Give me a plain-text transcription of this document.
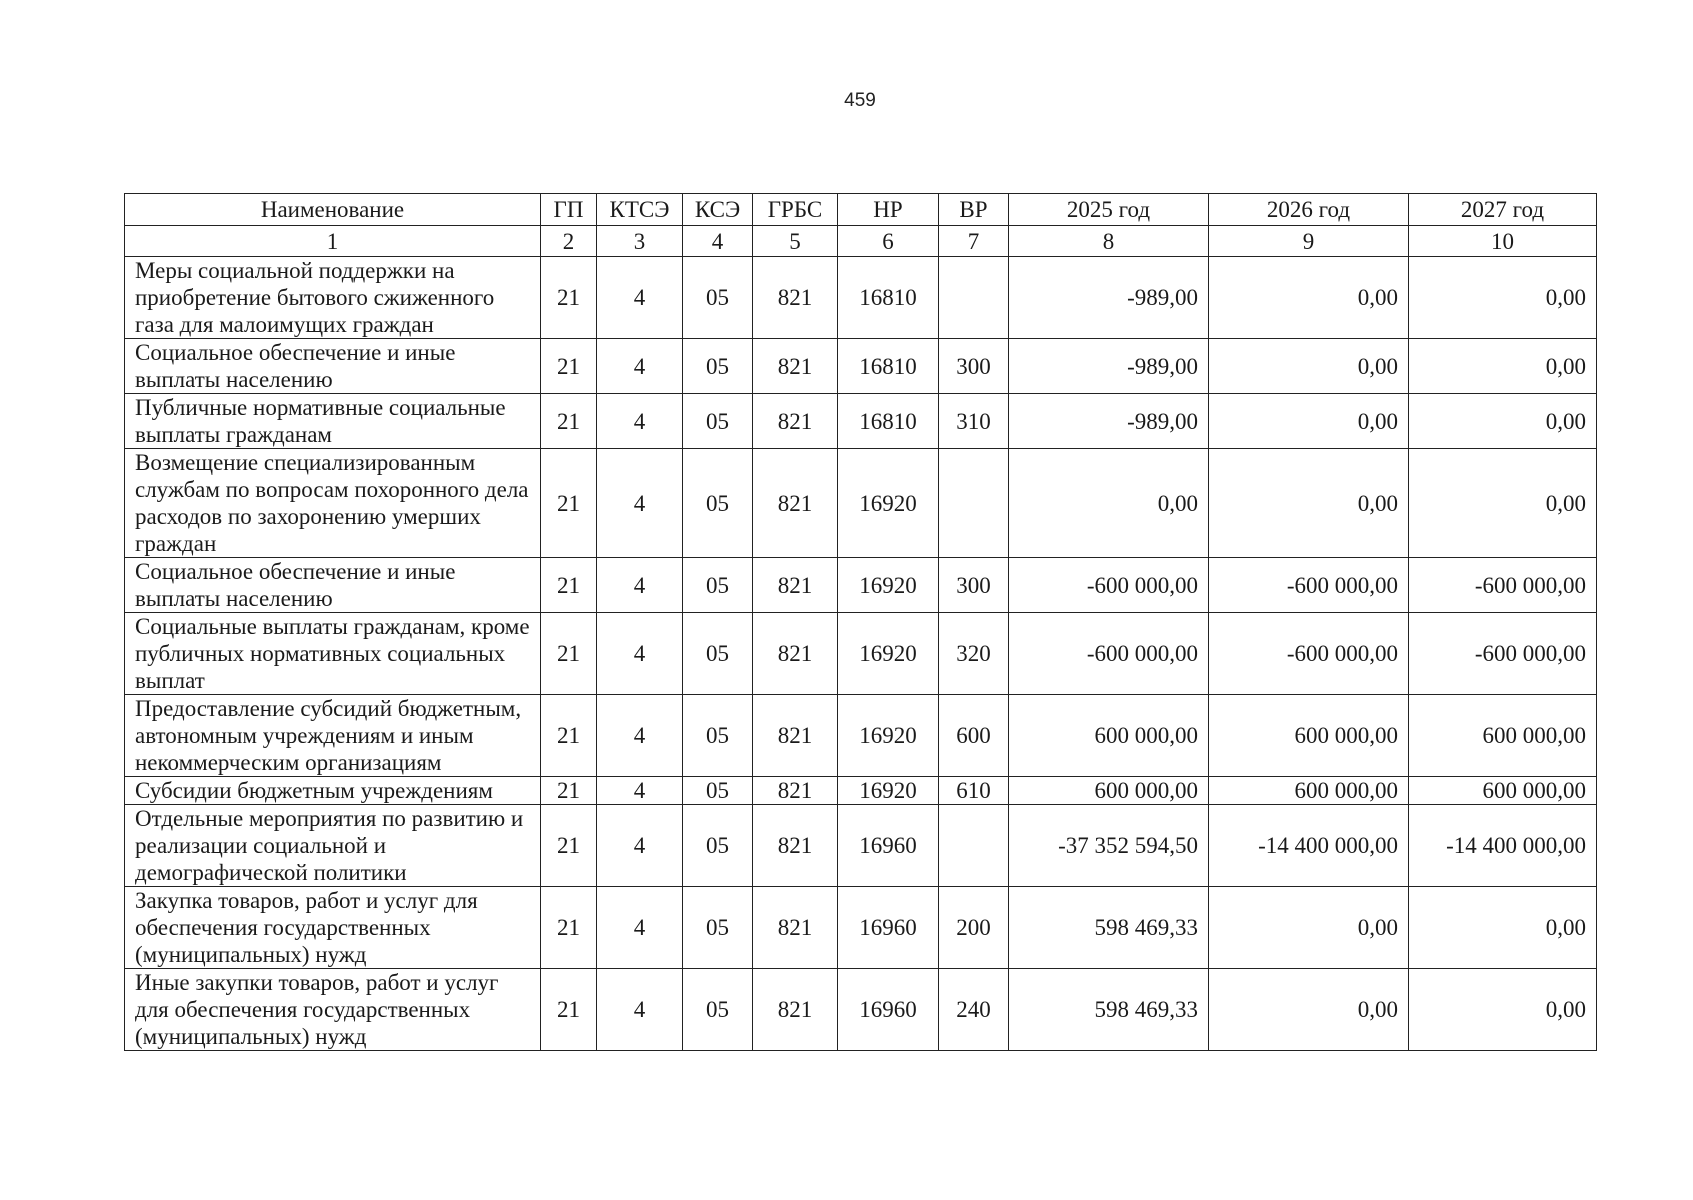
459
Наименование	ГП	КТСЭ	КСЭ	ГРБС	НР	ВР	2025 год	2026 год	2027 год
1	2	3	4	5	6	7	8	9	10
Меры социальной поддержки на приобретение бытового сжиженного газа для малоимущих граждан	21	4	05	821	16810		-989,00	0,00	0,00
Социальное обеспечение и иные выплаты населению	21	4	05	821	16810	300	-989,00	0,00	0,00
Публичные нормативные социальные выплаты гражданам	21	4	05	821	16810	310	-989,00	0,00	0,00
Возмещение специализированным службам по вопросам похоронного дела расходов по захоронению умерших граждан	21	4	05	821	16920		0,00	0,00	0,00
Социальное обеспечение и иные выплаты населению	21	4	05	821	16920	300	-600 000,00	-600 000,00	-600 000,00
Социальные выплаты гражданам, кроме публичных нормативных социальных выплат	21	4	05	821	16920	320	-600 000,00	-600 000,00	-600 000,00
Предоставление субсидий бюджетным, автономным учреждениям и иным некоммерческим организациям	21	4	05	821	16920	600	600 000,00	600 000,00	600 000,00
Субсидии бюджетным учреждениям	21	4	05	821	16920	610	600 000,00	600 000,00	600 000,00
Отдельные мероприятия по развитию и реализации социальной и демографической политики	21	4	05	821	16960		-37 352 594,50	-14 400 000,00	-14 400 000,00
Закупка товаров, работ и услуг для обеспечения государственных (муниципальных) нужд	21	4	05	821	16960	200	598 469,33	0,00	0,00
Иные закупки товаров, работ и услуг для обеспечения государственных (муниципальных) нужд	21	4	05	821	16960	240	598 469,33	0,00	0,00
